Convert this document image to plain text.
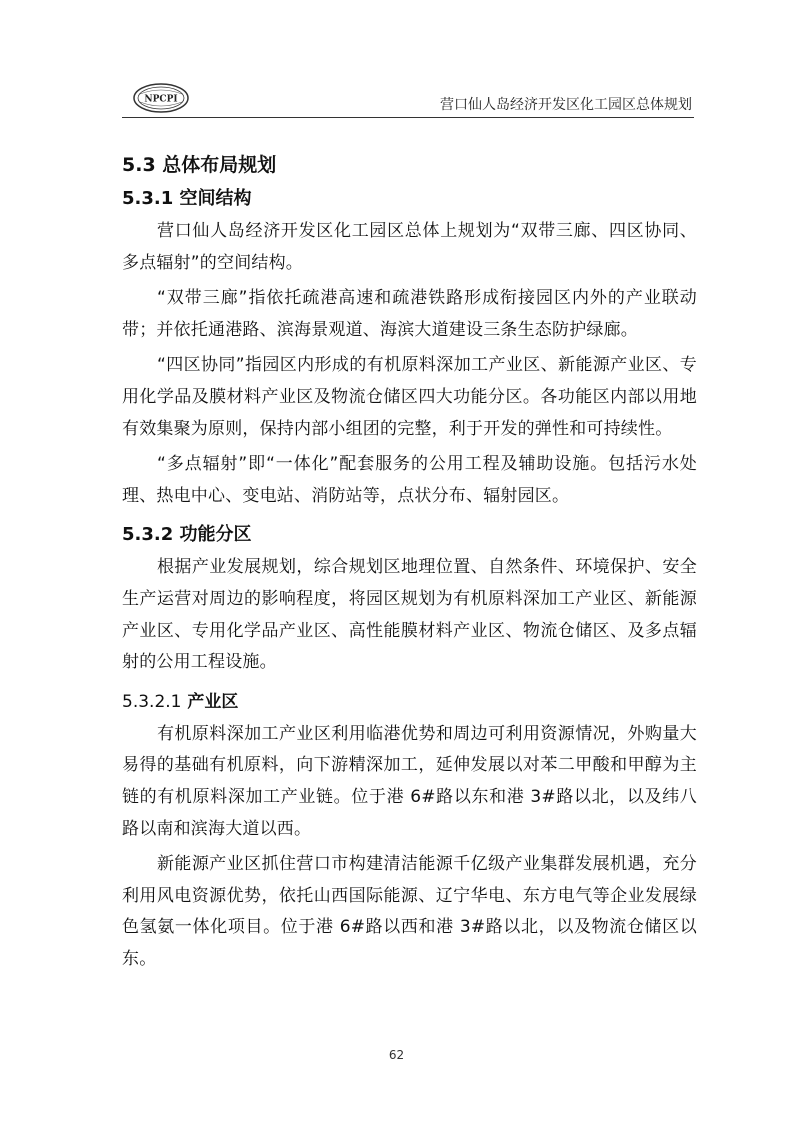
NPCPI	营口仙人岛经济开发区化工园区总体规划
5.3 总体布局规划
5.3.1 空间结构

营口仙人岛经济开发区化工园区总体上规划为“双带三廊、四区协同、多点辐射”的空间结构。

“双带三廊”指依托疏港高速和疏港铁路形成衔接园区内外的产业联动带；并依托通港路、滨海景观道、海滨大道建设三条生态防护绿廊。

“四区协同”指园区内形成的有机原料深加工产业区、新能源产业区、专用化学品及膜材料产业区及物流仓储区四大功能分区。各功能区内部以用地有效集聚为原则，保持内部小组团的完整，利于开发的弹性和可持续性。

“多点辐射”即“一体化”配套服务的公用工程及辅助设施。包括污水处理、热电中心、变电站、消防站等，点状分布、辐射园区。

5.3.2 功能分区

根据产业发展规划，综合规划区地理位置、自然条件、环境保护、安全生产运营对周边的影响程度，将园区规划为有机原料深加工产业区、新能源产业区、专用化学品产业区、高性能膜材料产业区、物流仓储区、及多点辐射的公用工程设施。

5.3.2.1 产业区

有机原料深加工产业区利用临港优势和周边可利用资源情况，外购量大易得的基础有机原料，向下游精深加工，延伸发展以对苯二甲酸和甲醇为主链的有机原料深加工产业链。位于港 6#路以东和港 3#路以北，以及纬八路以南和滨海大道以西。

新能源产业区抓住营口市构建清洁能源千亿级产业集群发展机遇，充分利用风电资源优势，依托山西国际能源、辽宁华电、东方电气等企业发展绿色氢氨一体化项目。位于港 6#路以西和港 3#路以北，以及物流仓储区以东。

62
